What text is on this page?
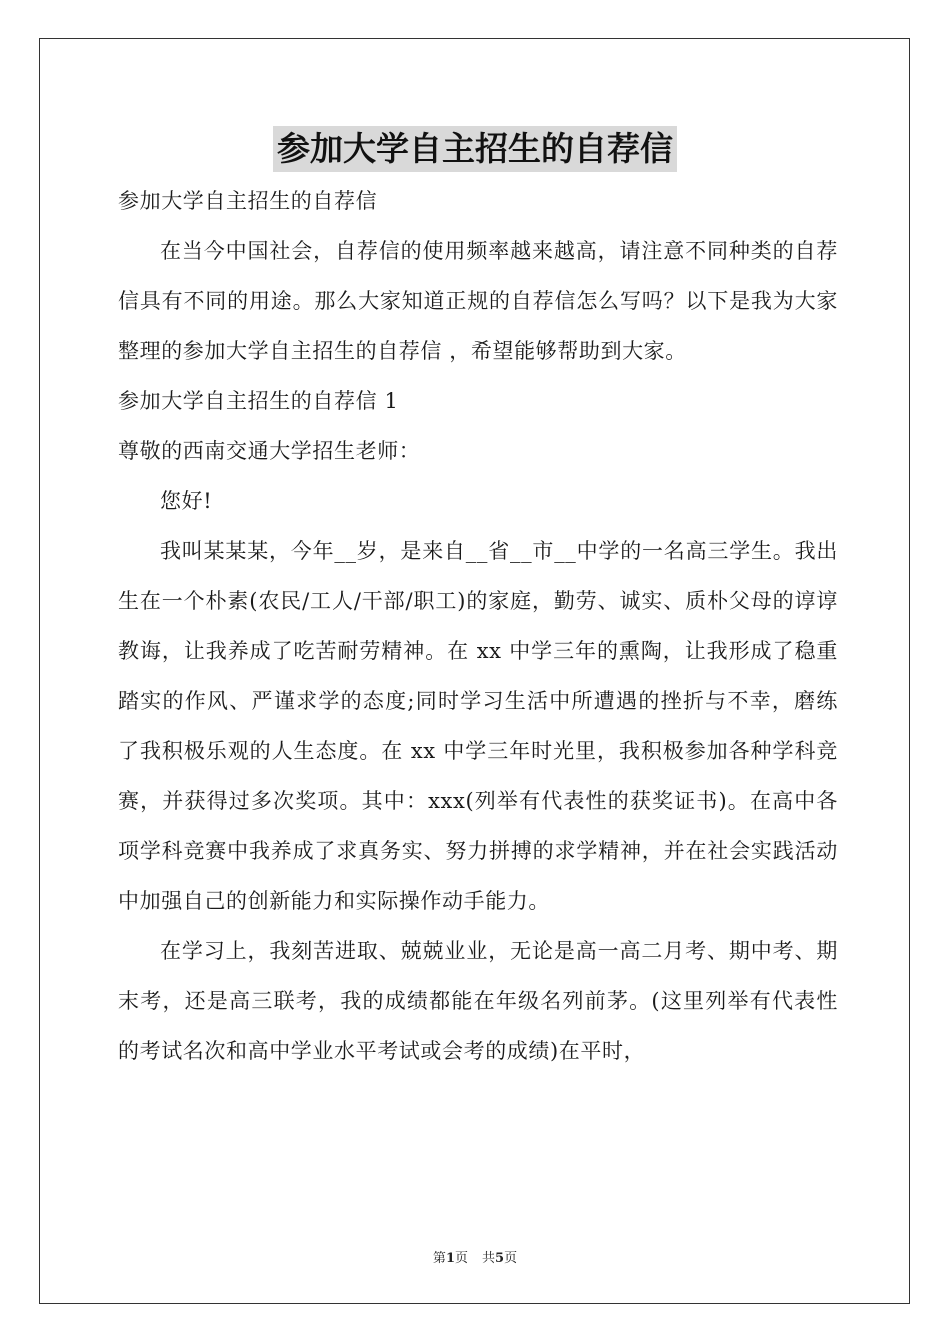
参加大学自主招生的自荐信

参加大学自主招生的自荐信

在当今中国社会，自荐信的使用频率越来越高，请注意不同种类的自荐信具有不同的用途。那么大家知道正规的自荐信怎么写吗？以下是我为大家整理的参加大学自主招生的自荐信 ，希望能够帮助到大家。

参加大学自主招生的自荐信 1

尊敬的西南交通大学招生老师：

您好!

我叫某某某，今年__岁，是来自__省__市__中学的一名高三学生。我出生在一个朴素(农民/工人/干部/职工)的家庭，勤劳、诚实、质朴父母的谆谆教诲，让我养成了吃苦耐劳精神。在 xx 中学三年的熏陶，让我形成了稳重踏实的作风、严谨求学的态度;同时学习生活中所遭遇的挫折与不幸，磨练了我积极乐观的人生态度。在 xx 中学三年时光里，我积极参加各种学科竞赛，并获得过多次奖项。其中：xxx(列举有代表性的获奖证书)。在高中各项学科竞赛中我养成了求真务实、努力拼搏的求学精神，并在社会实践活动中加强自己的创新能力和实际操作动手能力。

在学习上，我刻苦进取、兢兢业业，无论是高一高二月考、期中考、期末考，还是高三联考，我的成绩都能在年级名列前茅。(这里列举有代表性的考试名次和高中学业水平考试或会考的成绩)在平时，

第1页 共5页
